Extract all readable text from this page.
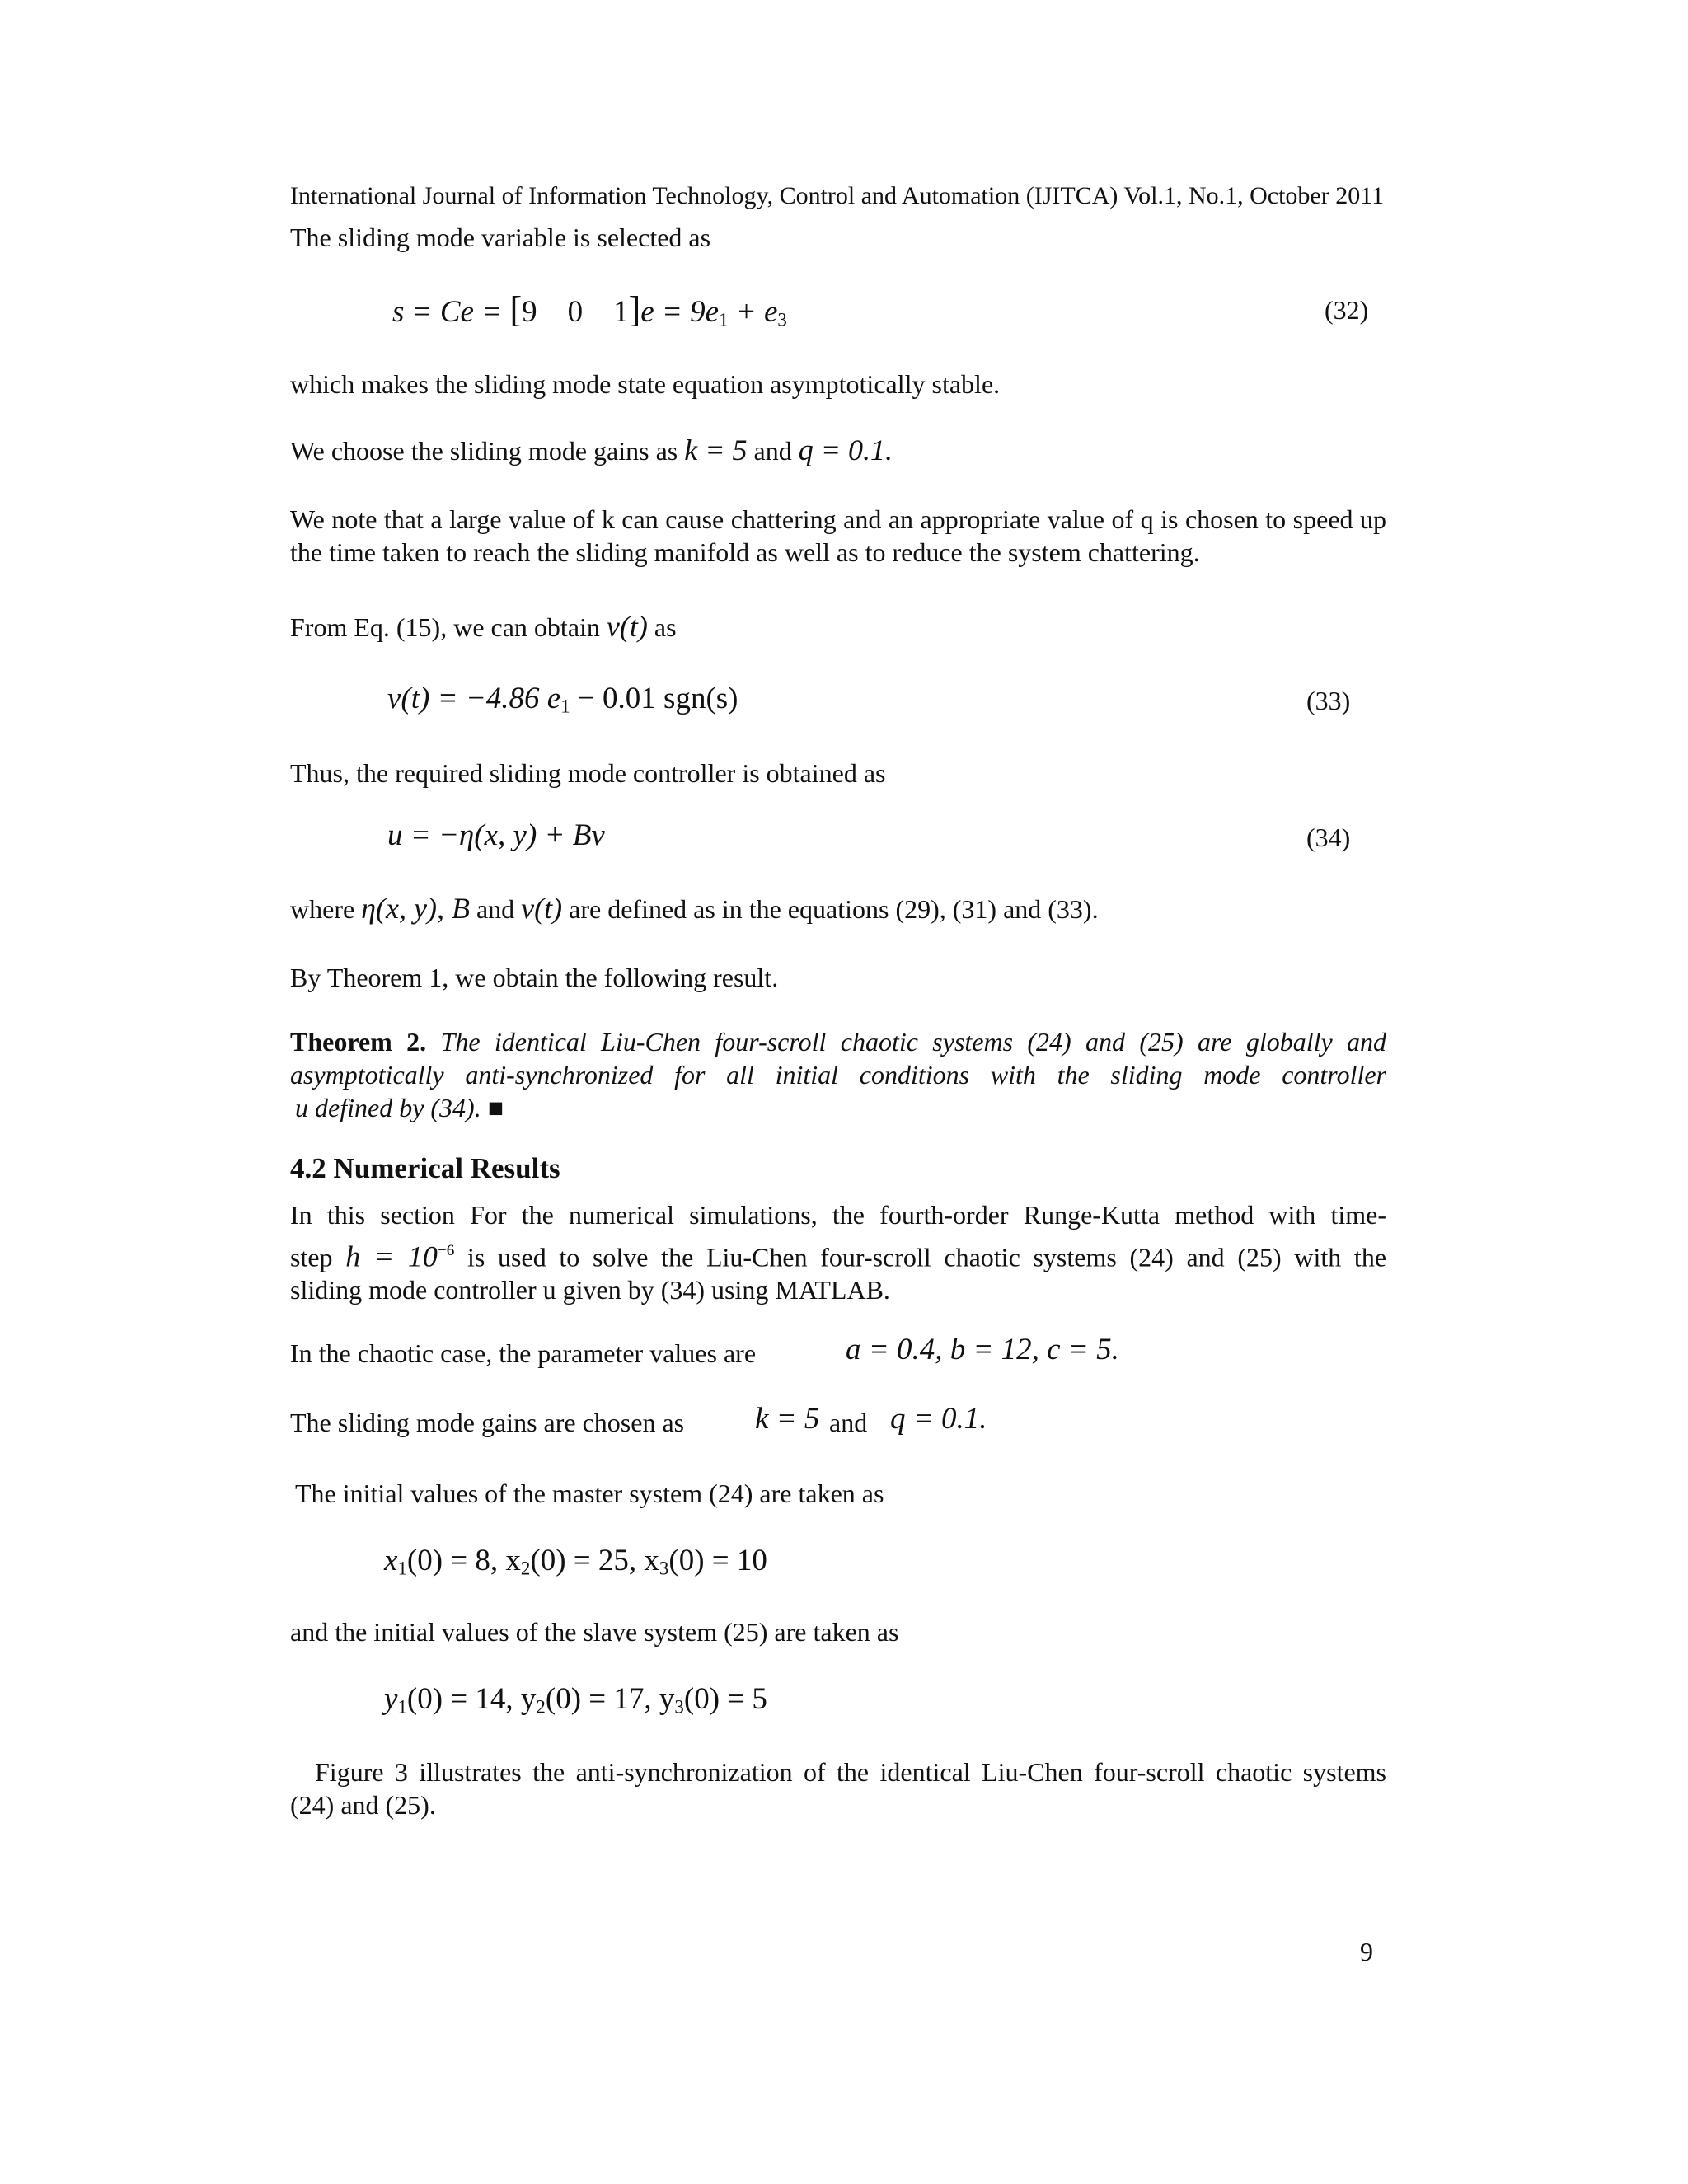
International Journal of Information Technology, Control and Automation (IJITCA) Vol.1, No.1, October 2011
The sliding mode variable is selected as
s = Ce = [9 0 $1]e = 9e_1 + e_3$	(32)
which makes the sliding mode state equation asymptotically stable.
We choose the sliding mode gains as k = 5 and q = 0.1.
We note that a large value of k can cause chattering and an appropriate value of q is chosen to speed up the time taken to reach the sliding manifold as well as to reduce the system chattering.
From Eq. (15), we can obtain v(t) as
v(t) = −4.86 $e_1 - 0.01$ sgn(s)	(33)
Thus, the required sliding mode controller is obtained as
u = −η(x, y) + Bv	(34)
where η(x, y), B and v(t) are defined as in the equations (29), (31) and (33).
By Theorem 1, we obtain the following result.
Theorem 2. The identical Liu-Chen four-scroll chaotic systems (24) and (25) are globally and
asymptotically anti-synchronized for all initial conditions with the sliding mode controller
u defined by (34). ■
4.2 Numerical Results
In this section For the numerical simulations, the fourth-order Runge-Kutta method with time-
step $h = 10^{-6}$ is used to solve the Liu-Chen four-scroll chaotic systems (24) and (25) with the
sliding mode controller u given by (34) using MATLAB.
In the chaotic case, the parameter values are	a = 0.4, b = 12, c = 5.
The sliding mode gains are chosen as k = 5 and q = 0.1.
The initial values of the master system (24) are taken as
$x_1(0) = 8$, $x_2(0) = 25$, $x_3(0) = 10$
and the initial values of the slave system (25) are taken as
$y_1(0) = 14$, $y_2(0) = 17$, $y_3(0) = 5$
Figure 3 illustrates the anti-synchronization of the identical Liu-Chen four-scroll chaotic systems (24) and (25).
9
